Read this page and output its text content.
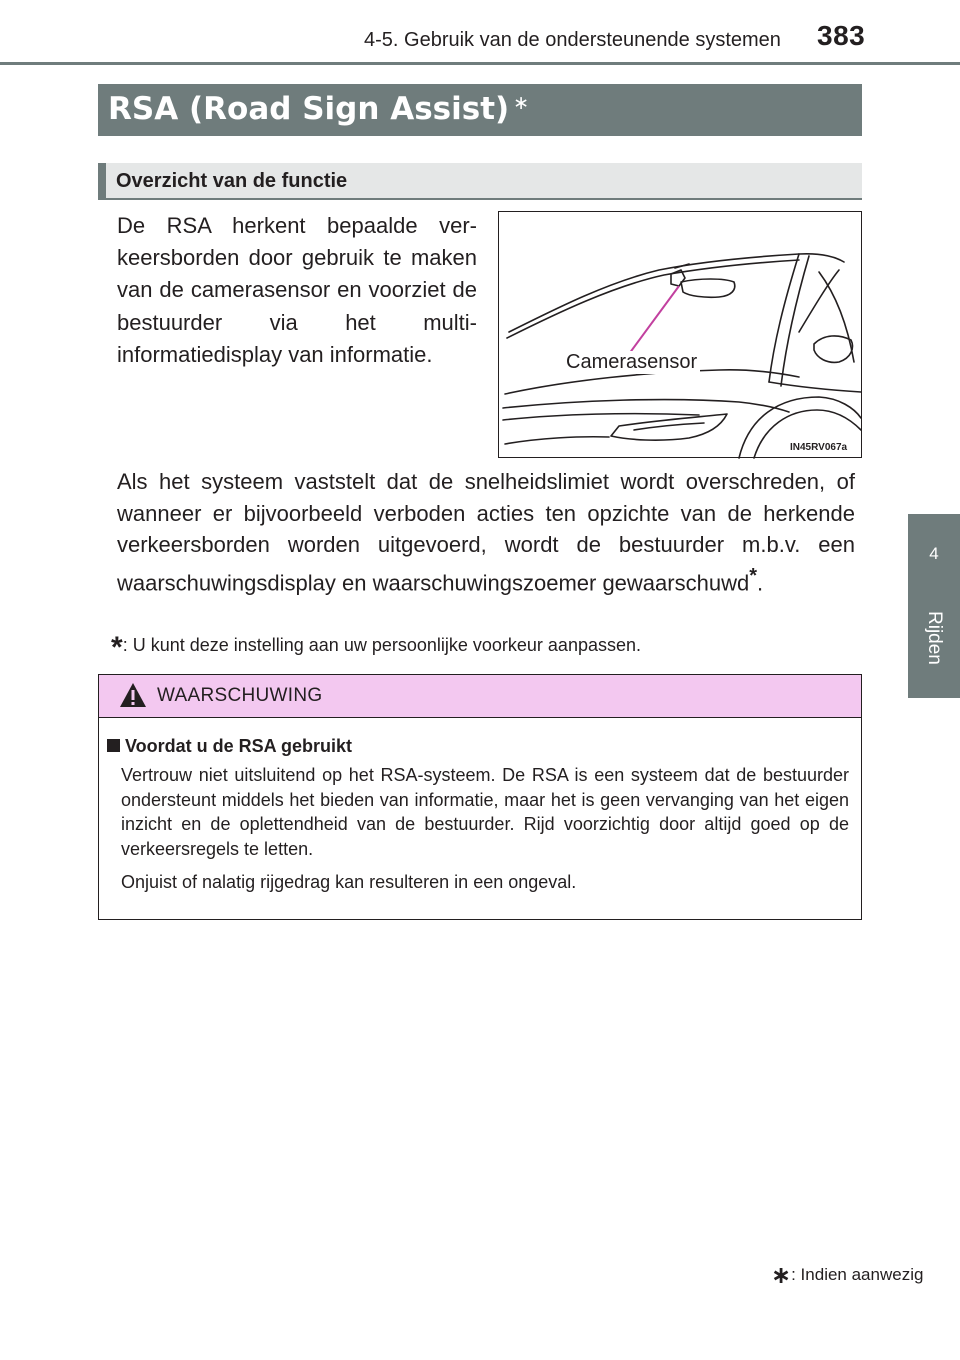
4-5. Gebruik van de ondersteunende systemen 383
4
Rijden
RSA (Road Sign Assist) ∗
Overzicht van de functie
De RSA herkent bepaalde verkeersborden door gebruik te maken van de camerasensor en voorziet de bestuurder via het multi-informatiedisplay van informatie.	Camerasensor
IN45RV067a
Als het systeem vaststelt dat de snelheidslimiet wordt overschreden, of wanneer er bijvoorbeeld verboden acties ten opzichte van de herkende verkeersborden worden uitgevoerd, wordt de bestuurder m.b.v. een waarschuwingsdisplay en waarschuwingszoemer gewaarschuwd*.
*: U kunt deze instelling aan uw persoonlijke voorkeur aanpassen.
WAARSCHUWING
Voordat u de RSA gebruikt
Vertrouw niet uitsluitend op het RSA-systeem. De RSA is een systeem dat de bestuurder ondersteunt middels het bieden van informatie, maar het is geen vervanging van het eigen inzicht en de oplettendheid van de bestuurder. Rijd voorzichtig door altijd goed op de verkeersregels te letten.
Onjuist of nalatig rijgedrag kan resulteren in een ongeval.
∗: Indien aanwezig
